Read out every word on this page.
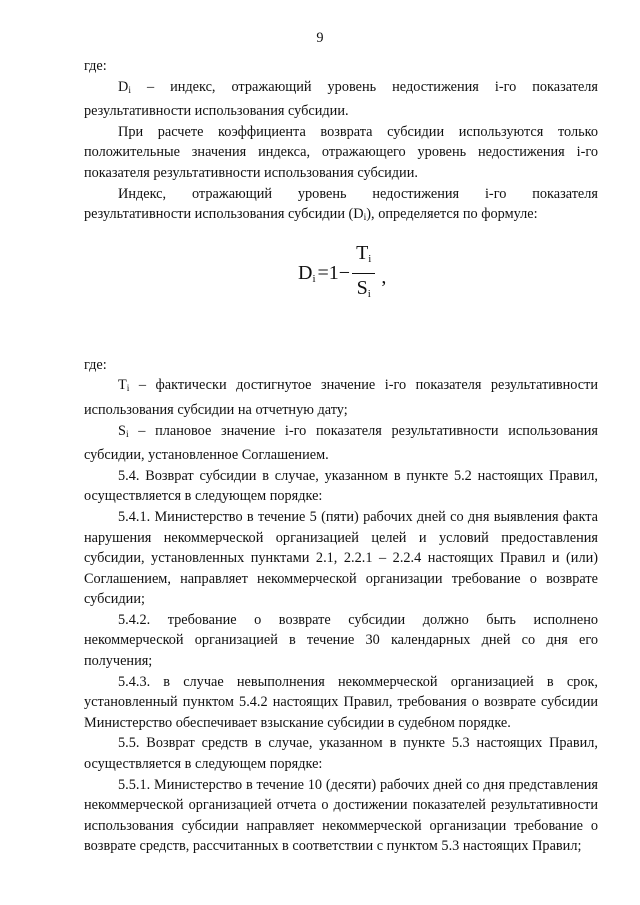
9

где:

$D_i$ – индекс, отражающий уровень недостижения i-го показателя результативности использования субсидии.

При расчете коэффициента возврата субсидии используются только положительные значения индекса, отражающего уровень недостижения i-го показателя результативности использования субсидии.

Индекс, отражающий уровень недостижения i-го показателя

результативности использования субсидии $(D_i)$, определяется по формуле:

$Di =1- \frac{Ti}{Si}$ ,

где:

$T_i$ – фактически достигнутое значение i-го показателя результативности использования субсидии на отчетную дату;

$S_i$ – плановое значение i-го показателя результативности использования субсидии, установленное Соглашением.

5.4. Возврат субсидии в случае, указанном в пункте 5.2 настоящих Правил, осуществляется в следующем порядке:

5.4.1. Министерство в течение 5 (пяти) рабочих дней со дня выявления факта нарушения некоммерческой организацией целей и условий предоставления субсидии, установленных пунктами 2.1, 2.2.1 – 2.2.4 настоящих Правил и (или) Соглашением, направляет некоммерческой организации требование о возврате субсидии;

5.4.2. требование о возврате субсидии должно быть исполнено некоммерческой организацией в течение 30 календарных дней со дня его получения;

5.4.3. в случае невыполнения некоммерческой организацией в срок, установленный пунктом 5.4.2 настоящих Правил, требования о возврате субсидии Министерство обеспечивает взыскание субсидии в судебном порядке.

5.5. Возврат средств в случае, указанном в пункте 5.3 настоящих Правил, осуществляется в следующем порядке:

5.5.1. Министерство в течение 10 (десяти) рабочих дней со дня представления некоммерческой организацией отчета о достижении показателей результативности использования субсидии направляет некоммерческой организации требование о возврате средств, рассчитанных в соответствии с пунктом 5.3 настоящих Правил;
